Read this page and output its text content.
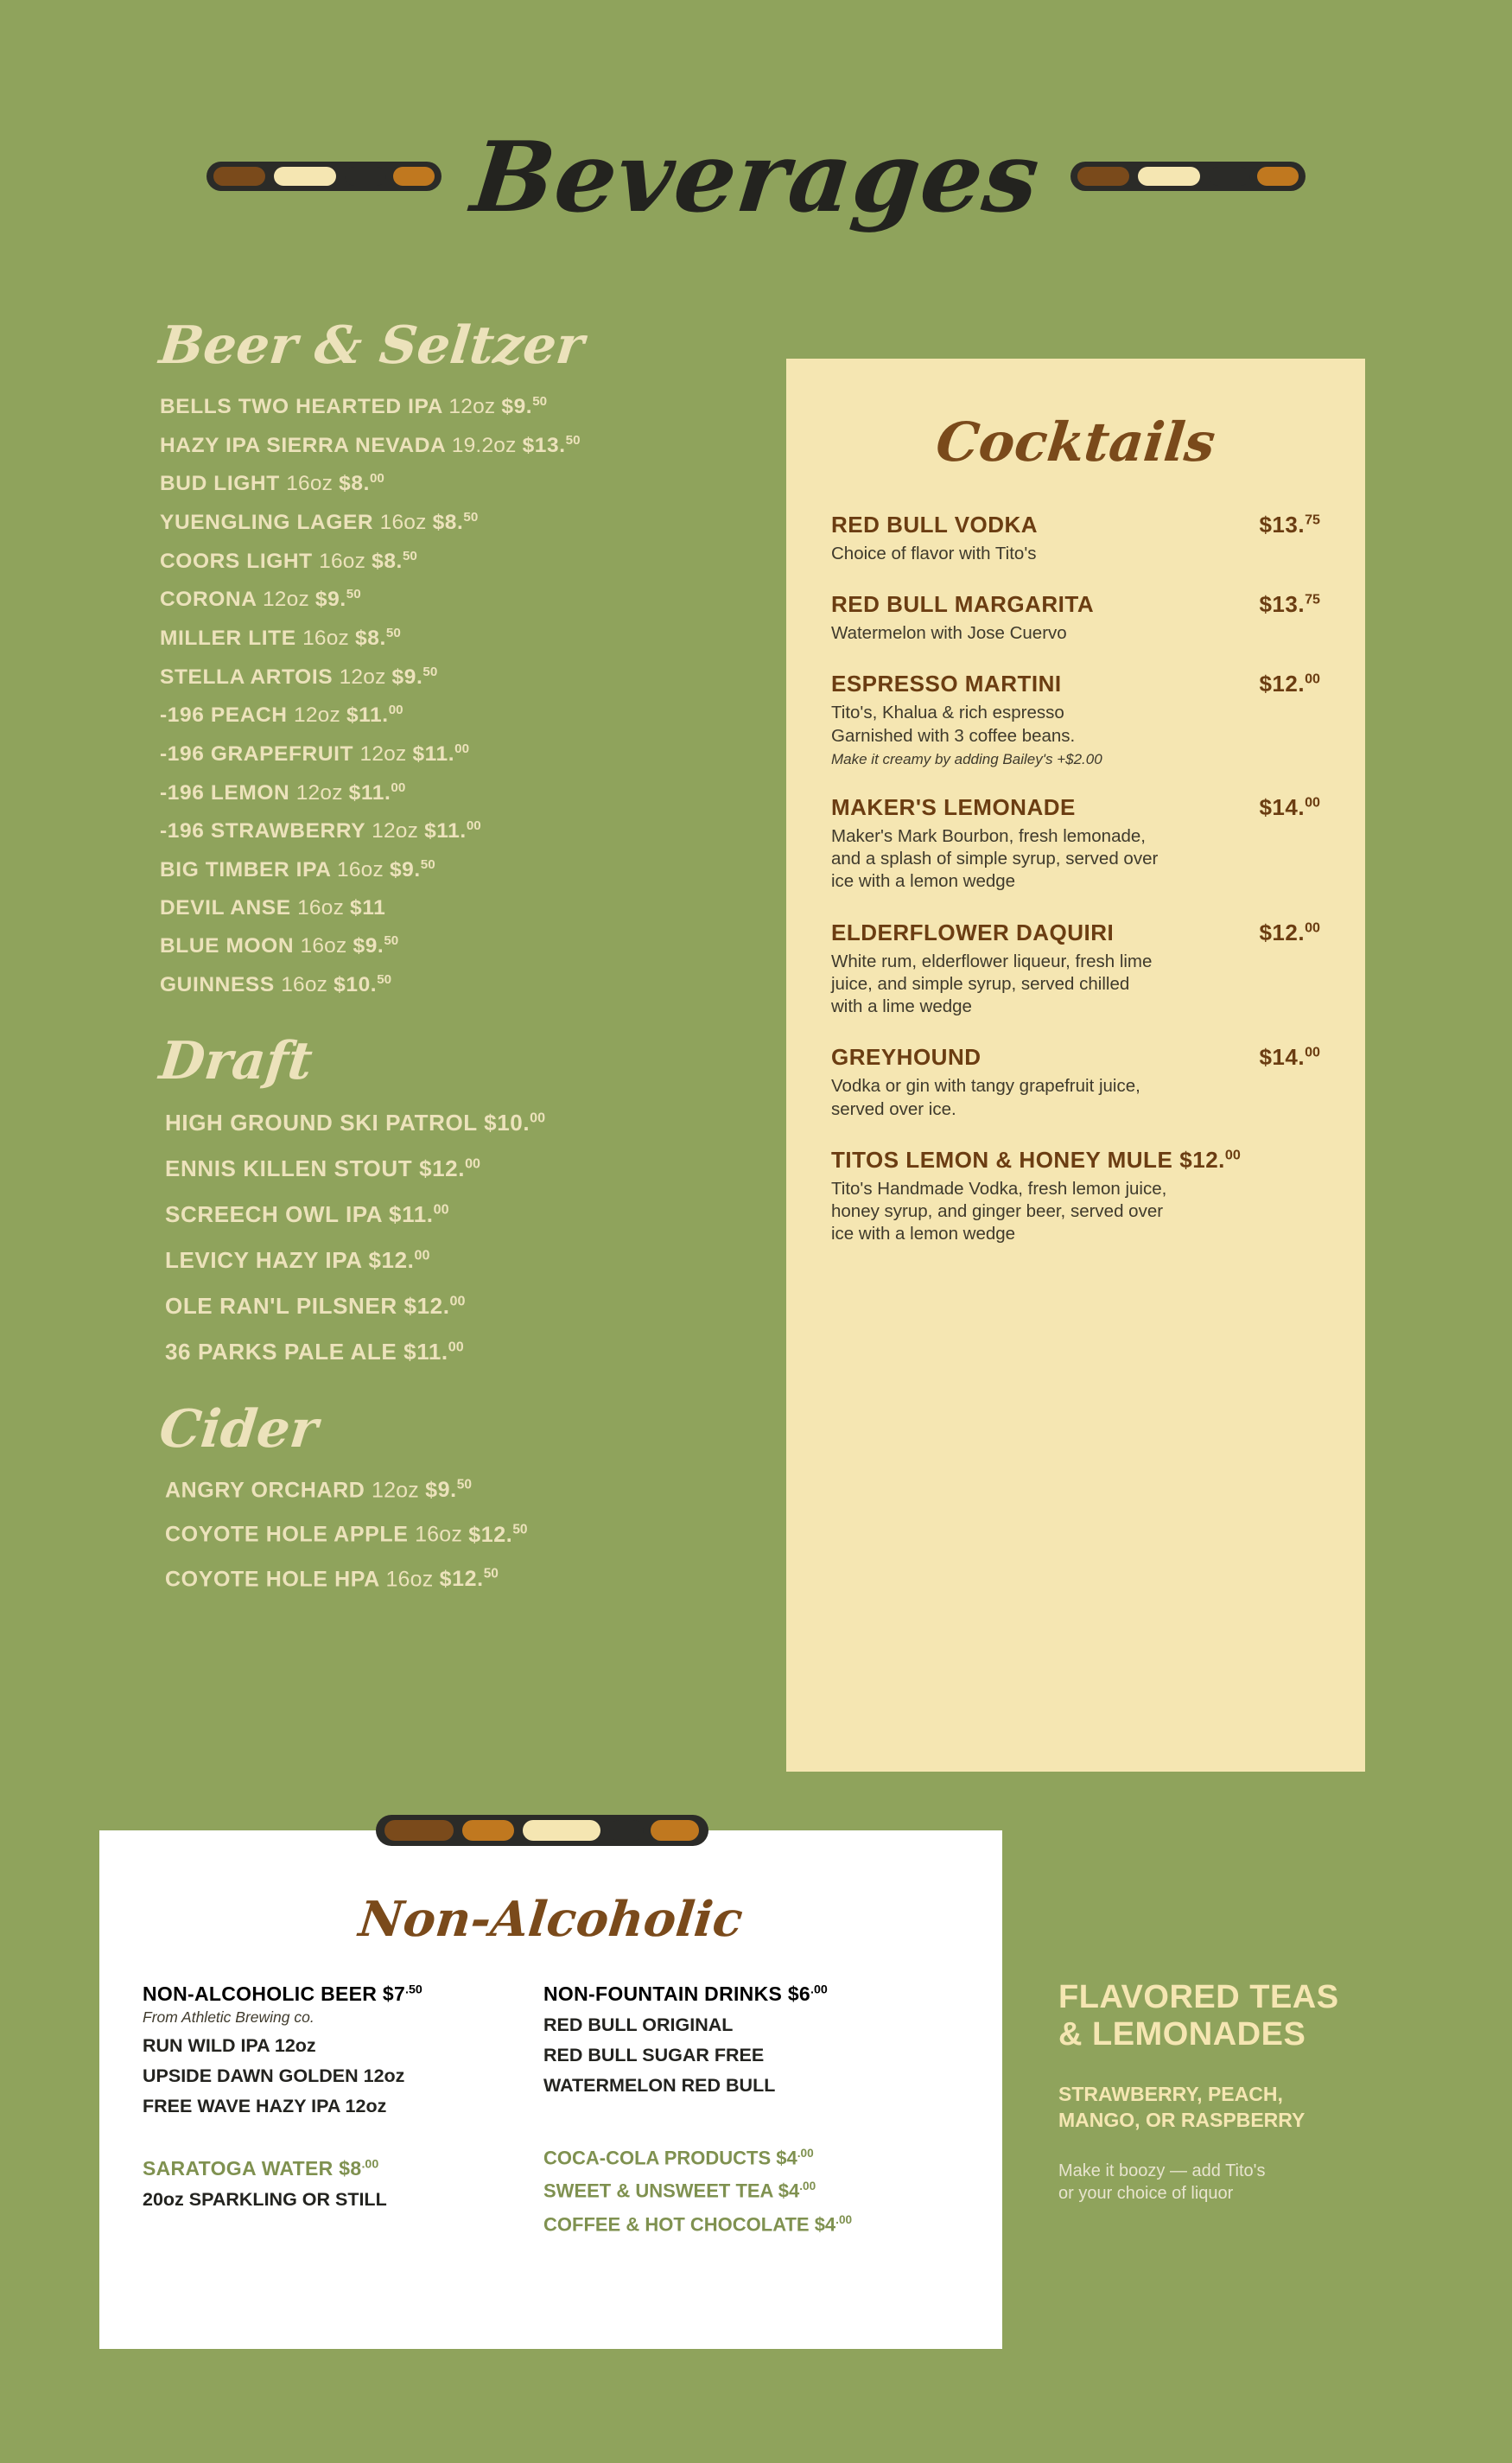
Beverages
Beer & Seltzer
BELLS TWO HEARTED IPA 12oz $9.50
HAZY IPA SIERRA NEVADA 19.2oz $13.50
BUD LIGHT 16oz $8.00
YUENGLING LAGER 16oz $8.50
COORS LIGHT 16oz $8.50
CORONA 12oz $9.50
MILLER LITE 16oz $8.50
STELLA ARTOIS 12oz $9.50
-196 PEACH 12oz $11.00
-196 GRAPEFRUIT 12oz $11.00
-196 LEMON 12oz $11.00
-196 STRAWBERRY 12oz $11.00
BIG TIMBER IPA 16oz $9.50
DEVIL ANSE 16oz $11
BLUE MOON 16oz $9.50
GUINNESS 16oz $10.50
Draft
HIGH GROUND SKI PATROL $10.00
ENNIS KILLEN STOUT $12.00
SCREECH OWL IPA $11.00
LEVICY HAZY IPA $12.00
OLE RAN'L PILSNER $12.00
36 PARKS PALE ALE $11.00
Cider
ANGRY ORCHARD 12oz $9.50
COYOTE HOLE APPLE 16oz $12.50
COYOTE HOLE HPA 16oz $12.50
Cocktails
RED BULL VODKA	$13.75
Choice of flavor with Tito's
RED BULL MARGARITA	$13.75
Watermelon with Jose Cuervo
ESPRESSO MARTINI	$12.00
Tito's, Khalua & rich espresso
Garnished with 3 coffee beans.
Make it creamy by adding Bailey's +$2.00
MAKER'S LEMONADE	$14.00
Maker's Mark Bourbon, fresh lemonade,
and a splash of simple syrup, served over
ice with a lemon wedge
ELDERFLOWER DAQUIRI	$12.00
White rum, elderflower liqueur, fresh lime
juice, and simple syrup, served chilled
with a lime wedge
GREYHOUND	$14.00
Vodka or gin with tangy grapefruit juice,
served over ice.
TITOS LEMON & HONEY MULE $12.00
Tito's Handmade Vodka, fresh lemon juice,
honey syrup, and ginger beer, served over
ice with a lemon wedge
Non-Alcoholic
NON-ALCOHOLIC BEER $\$7^{.50}$
From Athletic Brewing co.
RUN WILD IPA 12oz
UPSIDE DAWN GOLDEN 12oz
FREE WAVE HAZY IPA 12oz
SARATOGA WATER $\$8^{.00}$
20oz SPARKLING OR STILL
NON-FOUNTAIN DRINKS $\$6^{.00}$
RED BULL ORIGINAL
RED BULL SUGAR FREE
WATERMELON RED BULL
COCA-COLA PRODUCTS $\$4^{.00}$
SWEET & UNSWEET TEA $\$4^{.00}$
COFFEE & HOT CHOCOLATE $\$4^{.00}$
FLAVORED TEAS
& LEMONADES
STRAWBERRY, PEACH,
MANGO, OR RASPBERRY
Make it boozy — add Tito's
or your choice of liquor
